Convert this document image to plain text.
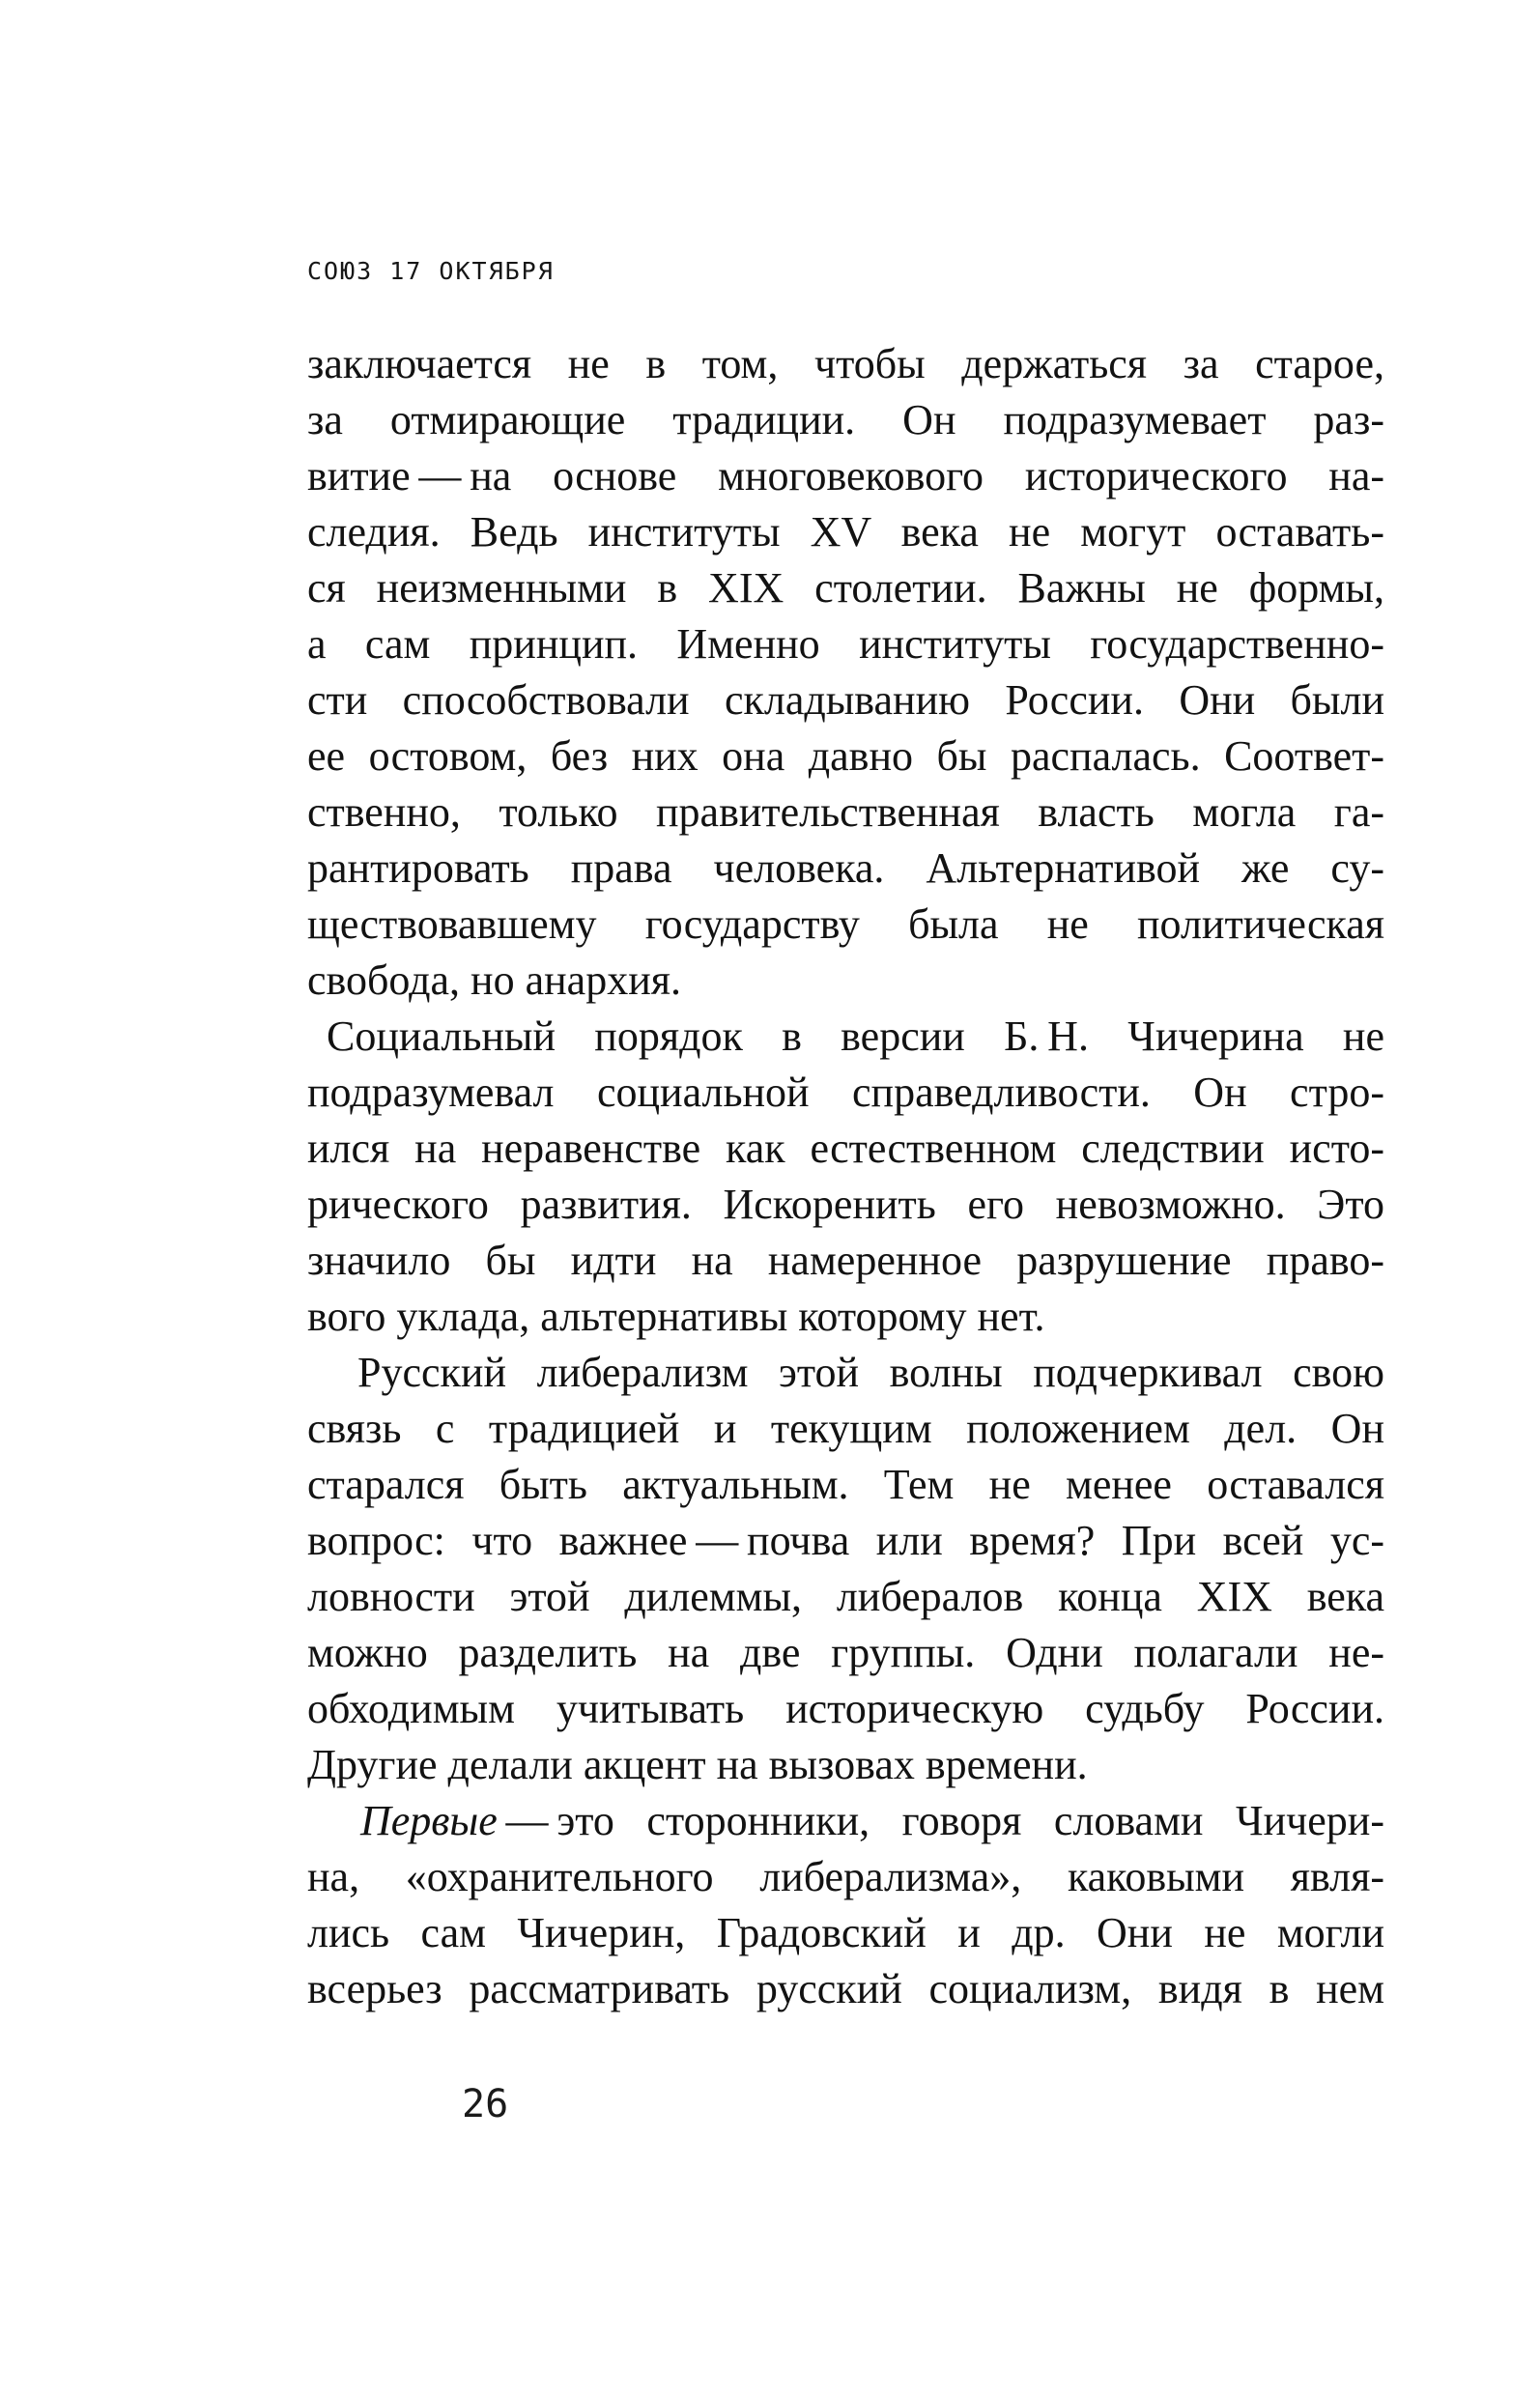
СОЮЗ 17 ОКТЯБРЯ
заключается не в том, чтобы держаться за старое,
за отмирающие традиции. Он подразумевает раз-
витие — на основе многовекового исторического на-
следия. Ведь институты XV века не могут оставать-
ся неизменными в XIX столетии. Важны не формы,
а сам принцип. Именно институты государственно-
сти способствовали складыванию России. Они были
ее остовом, без них она давно бы распалась. Соответ-
ственно, только правительственная власть могла га-
рантировать права человека. Альтернативой же су-
ществовавшему государству была не политическая
свобода, но анархия.
Социальный порядок в версии Б. Н. Чичерина не
подразумевал социальной справедливости. Он стро-
ился на неравенстве как естественном следствии исто-
рического развития. Искоренить его невозможно. Это
значило бы идти на намеренное разрушение право-
вого уклада, альтернативы которому нет.
Русский либерализм этой волны подчеркивал свою
связь с традицией и текущим положением дел. Он
старался быть актуальным. Тем не менее оставался
вопрос: что важнее — почва или время? При всей ус-
ловности этой дилеммы, либералов конца XIX века
можно разделить на две группы. Одни полагали не-
обходимым учитывать историческую судьбу России.
Другие делали акцент на вызовах времени.
Первые — это сторонники, говоря словами Чичери-
на, «охранительного либерализма», каковыми явля-
лись сам Чичерин, Градовский и др. Они не могли
всерьез рассматривать русский социализм, видя в нем
26
